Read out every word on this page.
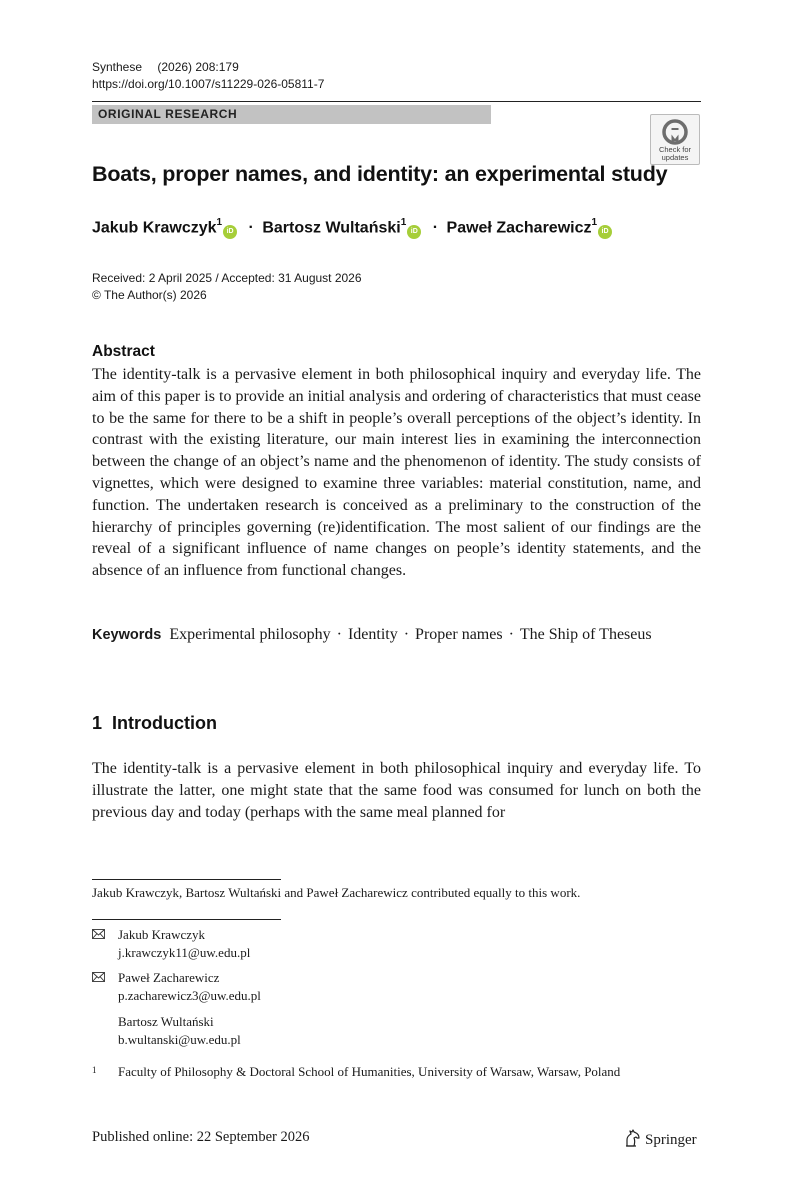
Synthese (2026) 208:179
https://doi.org/10.1007/s11229-026-05811-7
ORIGINAL RESEARCH
Check for updates
Boats, proper names, and identity: an experimental study
Jakub Krawczyk$^1$iD · Bartosz Wultański$^1$iD · Paweł Zacharewicz$^1$iD
Received: 2 April 2025 / Accepted: 31 August 2026
© The Author(s) 2026
Abstract
The identity-talk is a pervasive element in both philosophical inquiry and everyday life. The aim of this paper is to provide an initial analysis and ordering of characteristics that must cease to be the same for there to be a shift in people’s overall perceptions of the object’s identity. In contrast with the existing literature, our main interest lies in examining the interconnection between the change of an object’s name and the phenomenon of identity. The study consists of vignettes, which were designed to examine three variables: material constitution, name, and function. The undertaken research is conceived as a preliminary to the construction of the hierarchy of principles governing (re)identification. The most salient of our findings are the reveal of a significant influence of name changes on people’s identity statements, and the absence of an influence from functional changes.
Keywords Experimental philosophy · Identity · Proper names · The Ship of Theseus
1 Introduction
The identity-talk is a pervasive element in both philosophical inquiry and everyday life. To illustrate the latter, one might state that the same food was consumed for lunch on both the previous day and today (perhaps with the same meal planned for
Jakub Krawczyk, Bartosz Wultański and Paweł Zacharewicz contributed equally to this work.
Jakub Krawczyk
j.krawczyk11@uw.edu.pl
Paweł Zacharewicz
p.zacharewicz3@uw.edu.pl
Bartosz Wultański
b.wultanski@uw.edu.pl
1 Faculty of Philosophy & Doctoral School of Humanities, University of Warsaw, Warsaw, Poland
Published online: 22 September 2026	Springer
